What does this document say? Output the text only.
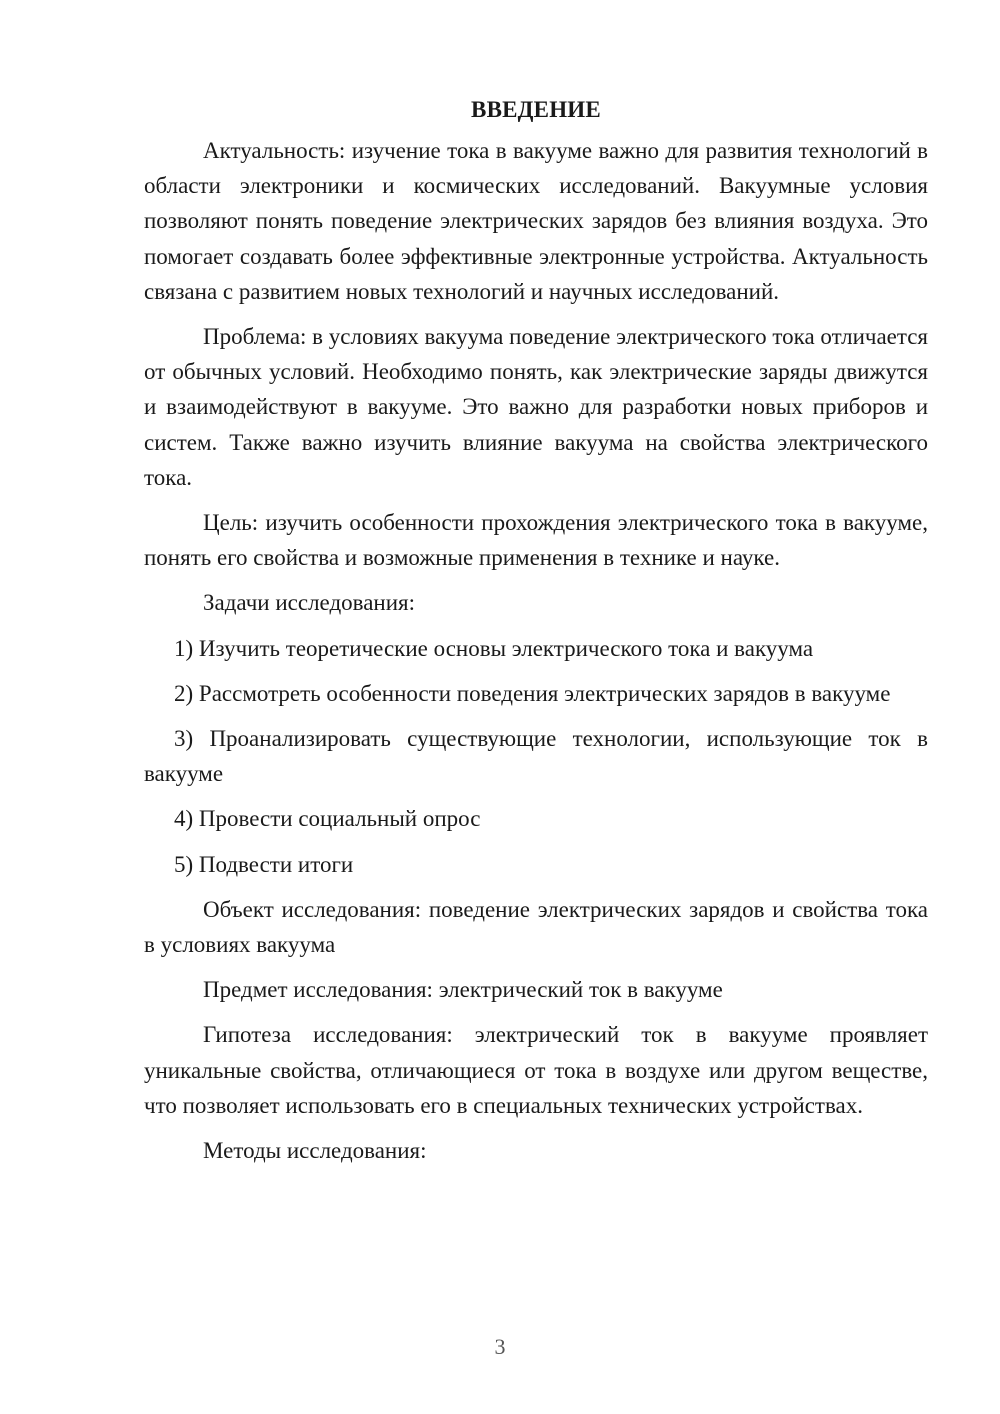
ВВЕДЕНИЕ

Актуальность: изучение тока в вакууме важно для развития технологий в области электроники и космических исследований. Вакуумные условия позволяют понять поведение электрических зарядов без влияния воздуха. Это помогает создавать более эффективные электронные устройства. Актуальность связана с развитием новых технологий и научных исследований.

Проблема: в условиях вакуума поведение электрического тока отличается от обычных условий. Необходимо понять, как электрические заряды движутся и взаимодействуют в вакууме. Это важно для разработки новых приборов и систем. Также важно изучить влияние вакуума на свойства электрического тока.

Цель: изучить особенности прохождения электрического тока в вакууме, понять его свойства и возможные применения в технике и науке.

Задачи исследования:

1) Изучить теоретические основы электрического тока и вакуума

2) Рассмотреть особенности поведения электрических зарядов в вакууме

3) Проанализировать существующие технологии, использующие ток в вакууме

4) Провести социальный опрос

5) Подвести итоги

Объект исследования: поведение электрических зарядов и свойства тока в условиях вакуума

Предмет исследования: электрический ток в вакууме

Гипотеза исследования: электрический ток в вакууме проявляет уникальные свойства, отличающиеся от тока в воздухе или другом веществе, что позволяет использовать его в специальных технических устройствах.

Методы исследования:

3
